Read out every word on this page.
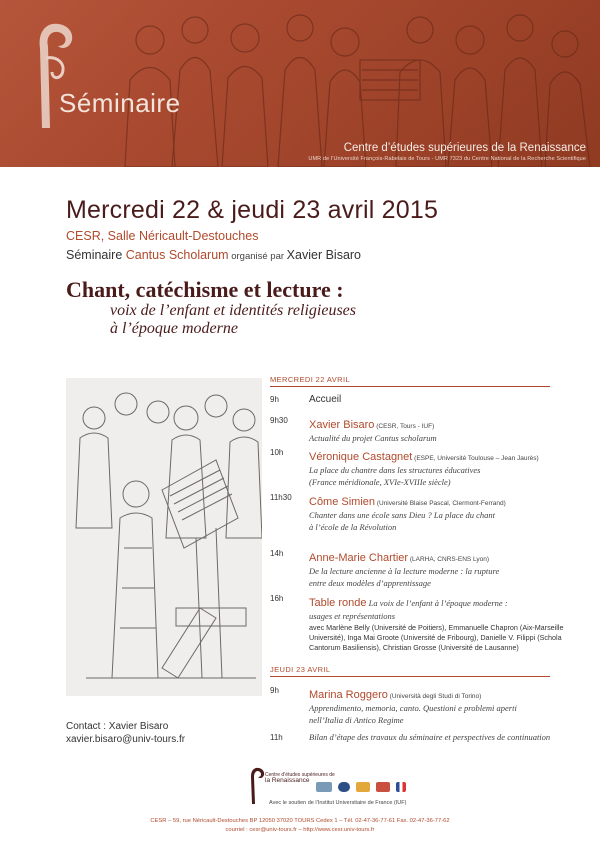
Séminaire
Centre d’études supérieures de la Renaissance
UMR de l’Université François-Rabelais de Tours - UMR 7323 du Centre National de la Recherche Scientifique
Mercredi 22 & jeudi 23 avril 2015
CESR, Salle Néricault-Destouches
Séminaire Cantus Scholarum organisé par Xavier Bisaro
Chant, catéchisme et lecture :
voix de l’enfant et identités religieuses
à l’époque moderne
Contact : Xavier Bisaro
xavier.bisaro@univ-tours.fr
MERCREDI 22 AVRIL
9h	Accueil
9h30 Xavier Bisaro (CESR, Tours - IUF)
Actualité du projet Cantus scholarum
10h Véronique Castagnet (ESPE, Université Toulouse – Jean Jaurès)
La place du chantre dans les structures éducatives
(France méridionale, XVIe-XVIIIe siècle)
11h30 Côme Simien (Université Blaise Pascal, Clermont-Ferrand)
Chanter dans une école sans Dieu ? La place du chant
à l’école de la Révolution
14h Anne-Marie Chartier (LARHA, CNRS-ENS Lyon)
De la lecture ancienne à la lecture moderne : la rupture
entre deux modèles d’apprentissage
16h Table ronde La voix de l’enfant à l’époque moderne :
usages et représentations
avec Marlène Belly (Université de Poitiers), Emmanuelle Chapron (Aix-Marseille Université), Inga Mai Groote (Université de Fribourg), Danielle V. Filippi (Schola Cantorum Basiliensis), Christian Grosse (Université de Lausanne)
JEUDI 23 AVRIL
9h	Marina Roggero (Università degli Studi di Torino)
Apprendimento, memoria, canto. Questioni e problemi aperti
nell’Italia di Antico Regime
11h	Bilan d’étape des travaux du séminaire et perspectives de continuation
Centre d’études supérieures de
la Renaissance
Avec le soutien de l’Institut Universitaire de France (IUF)
CESR – 59, rue Néricault-Destouches BP 12050 37020 TOURS Cedex 1 – Tél. 02-47-36-77-61 Fax. 02-47-36-77-62
courriel : cesr@univ-tours.fr – http://www.cesr.univ-tours.fr
